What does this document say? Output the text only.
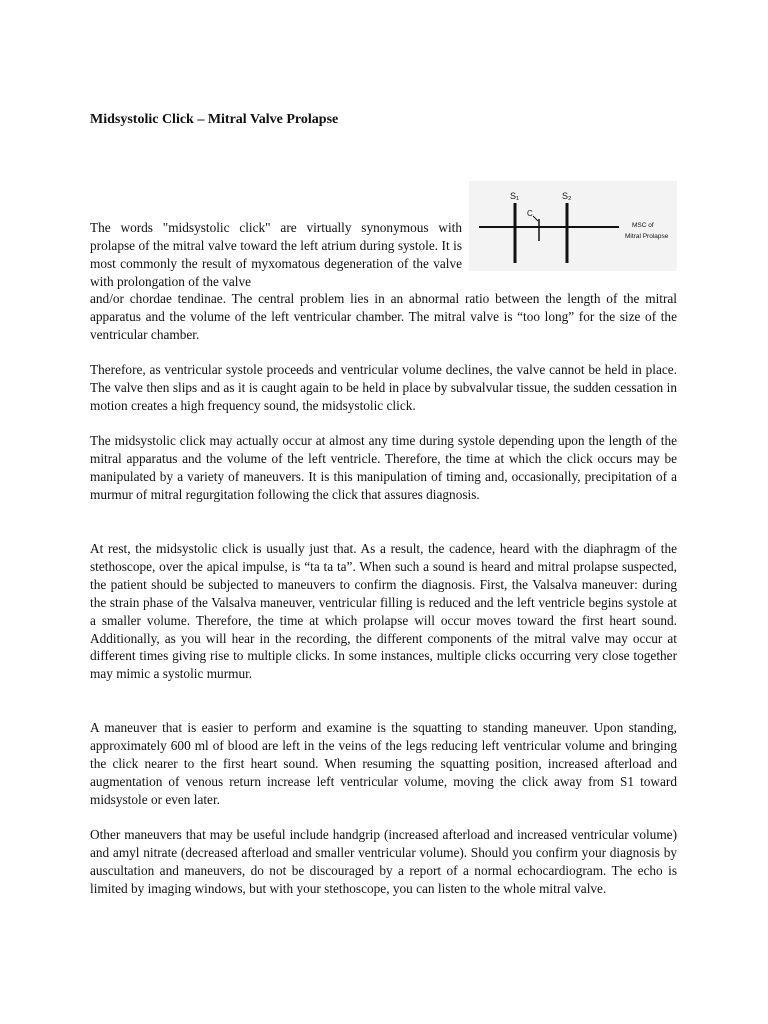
Midsystolic Click – Mitral Valve Prolapse
S₁	S₂
C
MSC of
Mitral Prolapse

The words "midsystolic click" are virtually synonymous with prolapse of the mitral valve toward the left atrium during systole. It is most commonly the result of myxomatous degeneration of the valve with prolongation of the valve

and/or chordae tendinae. The central problem lies in an abnormal ratio between the length of the mitral apparatus and the volume of the left ventricular chamber. The mitral valve is “too long” for the size of the ventricular chamber.

Therefore, as ventricular systole proceeds and ventricular volume declines, the valve cannot be held in place. The valve then slips and as it is caught again to be held in place by subvalvular tissue, the sudden cessation in motion creates a high frequency sound, the midsystolic click.

The midsystolic click may actually occur at almost any time during systole depending upon the length of the mitral apparatus and the volume of the left ventricle. Therefore, the time at which the click occurs may be manipulated by a variety of maneuvers. It is this manipulation of timing and, occasionally, precipitation of a murmur of mitral regurgitation following the click that assures diagnosis.

At rest, the midsystolic click is usually just that. As a result, the cadence, heard with the diaphragm of the stethoscope, over the apical impulse, is “ta ta ta”. When such a sound is heard and mitral prolapse suspected, the patient should be subjected to maneuvers to confirm the diagnosis. First, the Valsalva maneuver: during the strain phase of the Valsalva maneuver, ventricular filling is reduced and the left ventricle begins systole at a smaller volume. Therefore, the time at which prolapse will occur moves toward the first heart sound. Additionally, as you will hear in the recording, the different components of the mitral valve may occur at different times giving rise to multiple clicks. In some instances, multiple clicks occurring very close together may mimic a systolic murmur.

A maneuver that is easier to perform and examine is the squatting to standing maneuver. Upon standing, approximately 600 ml of blood are left in the veins of the legs reducing left ventricular volume and bringing the click nearer to the first heart sound. When resuming the squatting position, increased afterload and augmentation of venous return increase left ventricular volume, moving the click away from S1 toward midsystole or even later.

Other maneuvers that may be useful include handgrip (increased afterload and increased ventricular volume) and amyl nitrate (decreased afterload and smaller ventricular volume). Should you confirm your diagnosis by auscultation and maneuvers, do not be discouraged by a report of a normal echocardiogram. The echo is limited by imaging windows, but with your stethoscope, you can listen to the whole mitral valve.
